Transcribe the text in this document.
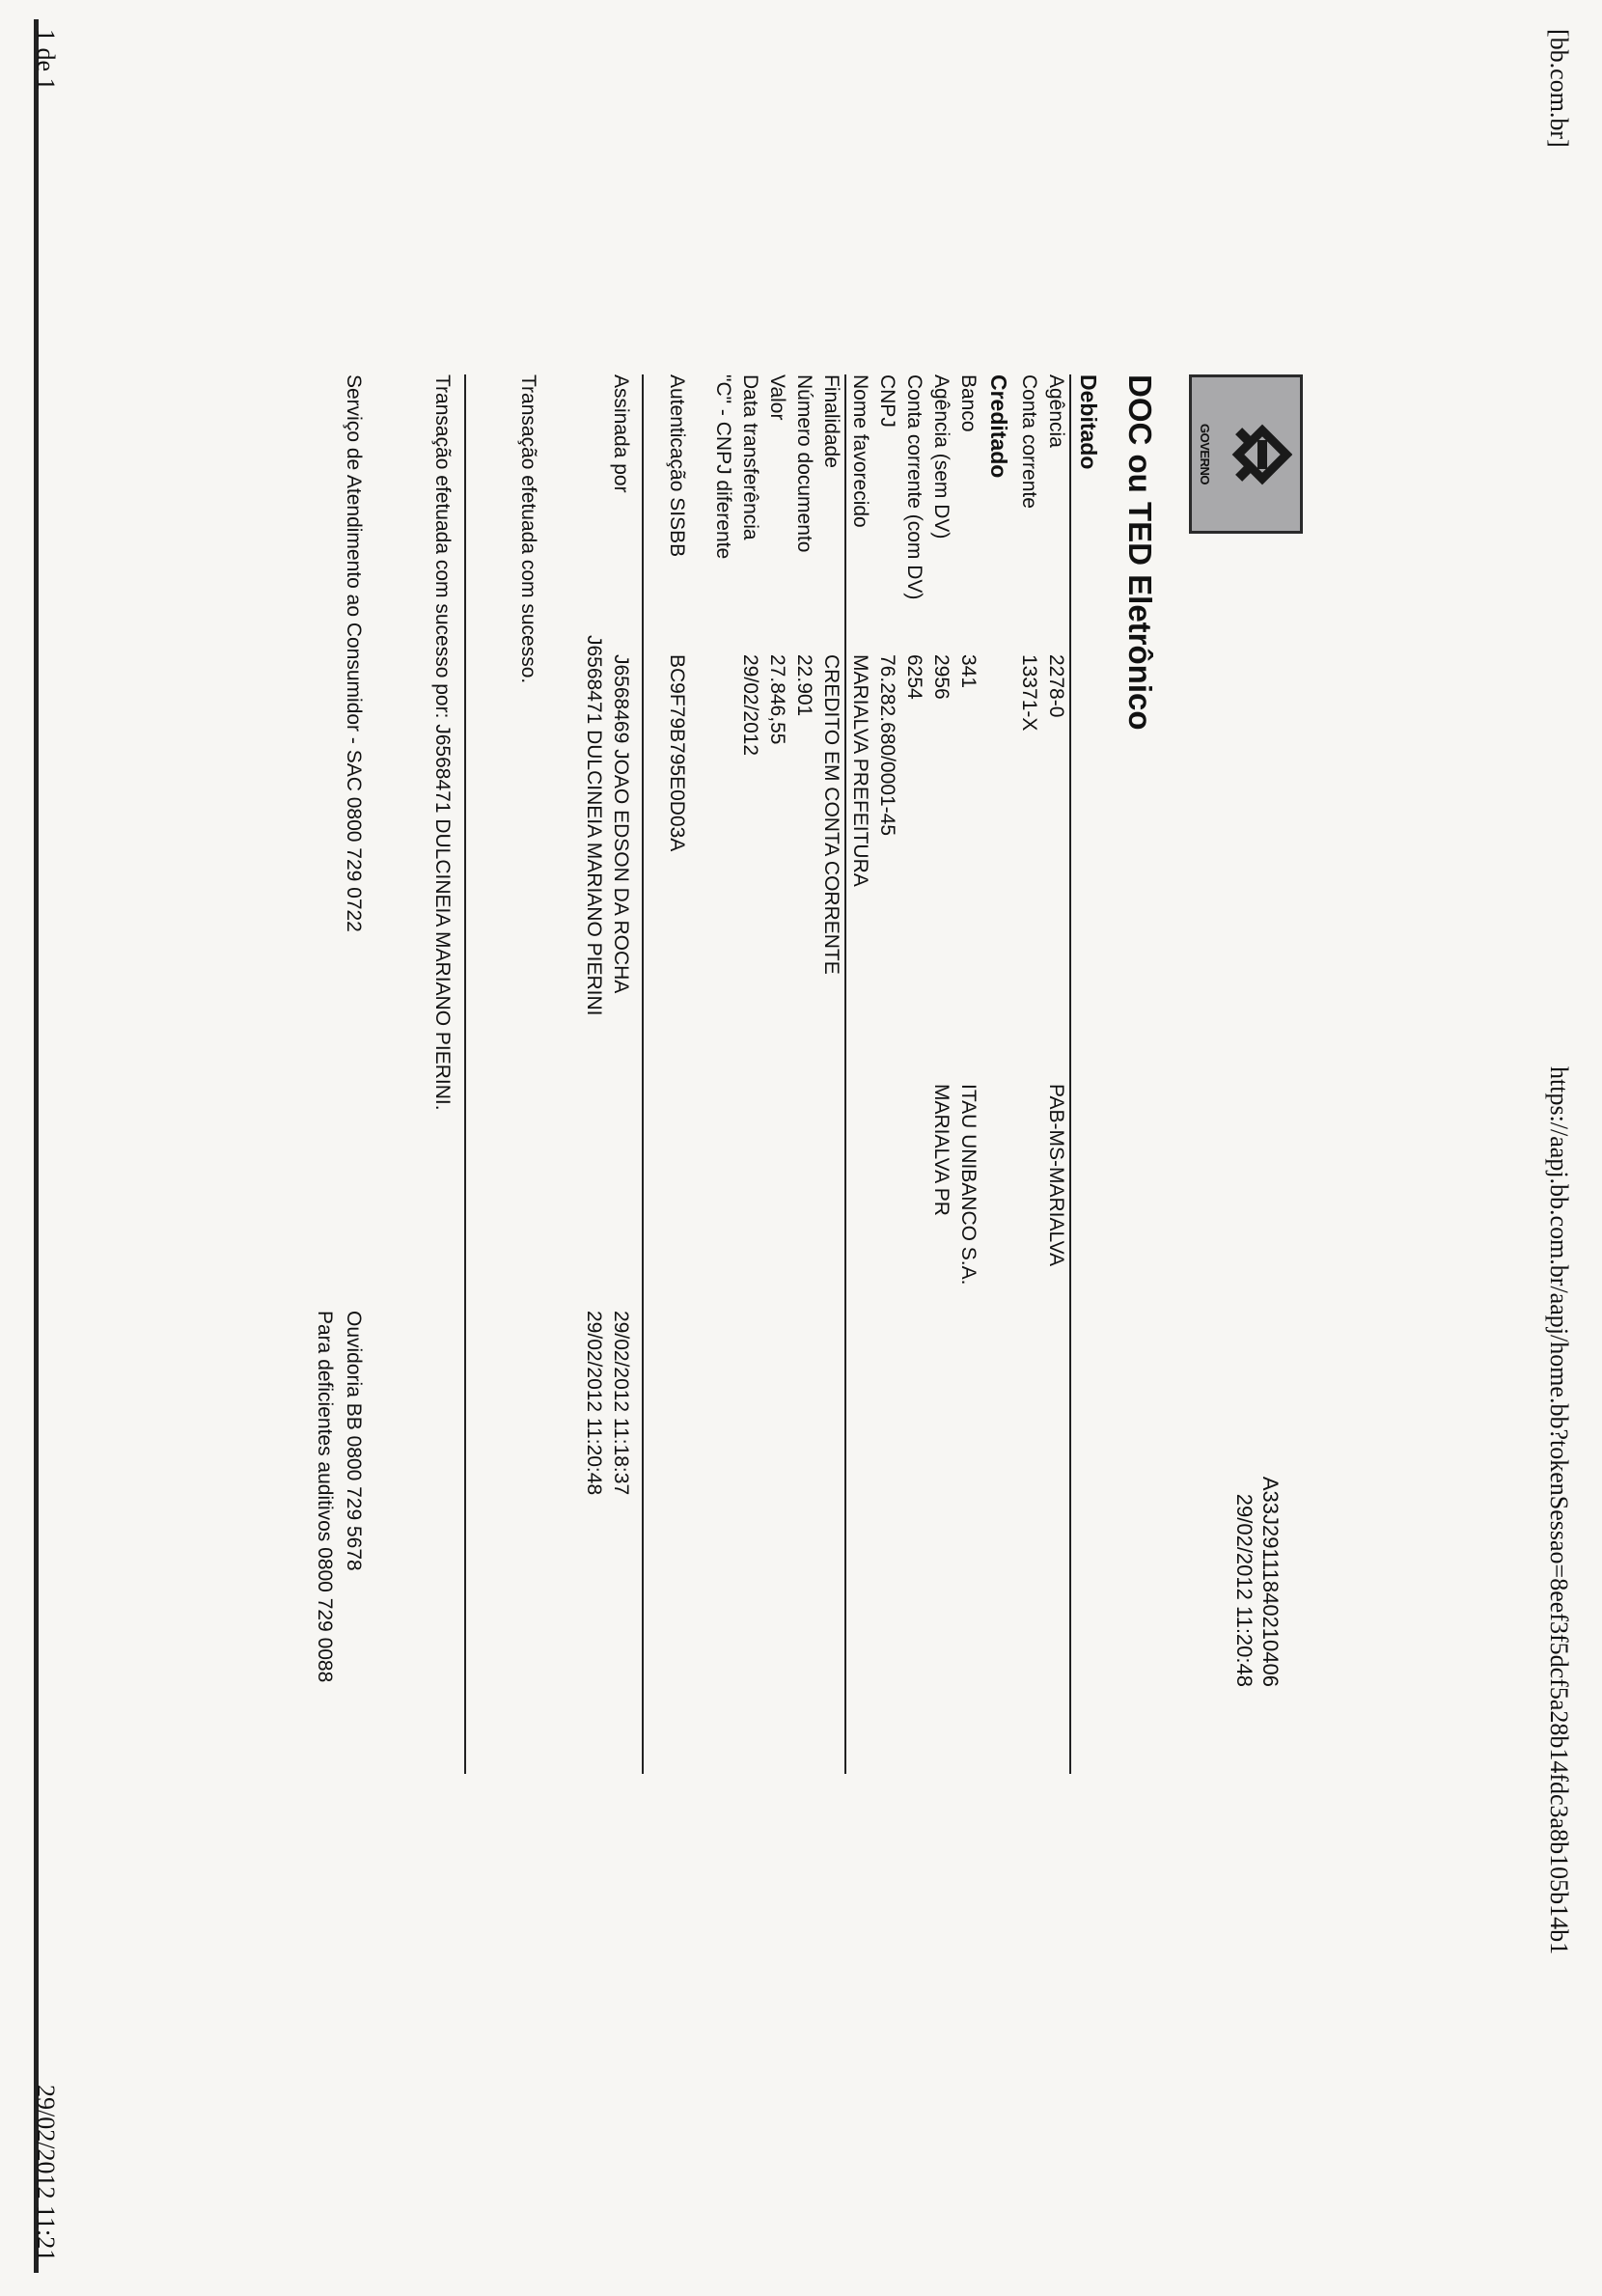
[bb.com.br]
https://aapj.bb.com.br/aapj/home.bb?tokenSessao=8eef3f5dcf5a28b14fdc3a8b105b14b1
GOVERNO
A33J29111840210406
29/02/2012 11:20:48
DOC ou TED Eletrônico
Debitado
Agência
2278-0
PAB-MS-MARIALVA
Conta corrente
13371-X
Creditado
Banco
341
ITAU UNIBANCO S.A.
Agência (sem DV)
2956
MARIALVA PR
Conta corrente (com DV)
6254
CNPJ
76.282.680/0001-45
Nome favorecido
MARIALVA PREFEITURA
Finalidade
CREDITO EM CONTA CORRENTE
Número documento
22.901
Valor
27.846,55
Data transferência
29/02/2012
"C" - CNPJ diferente
Autenticação SISBB
BC9F79B795E0D03A
Assinada por
J6568469 JOAO EDSON DA ROCHA
29/02/2012 11:18:37
J6568471 DULCINEIA MARIANO PIERINI
29/02/2012 11:20:48
Transação efetuada com sucesso.
Transação efetuada com sucesso por: J6568471 DULCINEIA MARIANO PIERINI.
Serviço de Atendimento ao Consumidor - SAC 0800 729 0722
Ouvidoria BB 0800 729 5678
Para deficientes auditivos 0800 729 0088
1 de 1
29/02/2012 11:21
